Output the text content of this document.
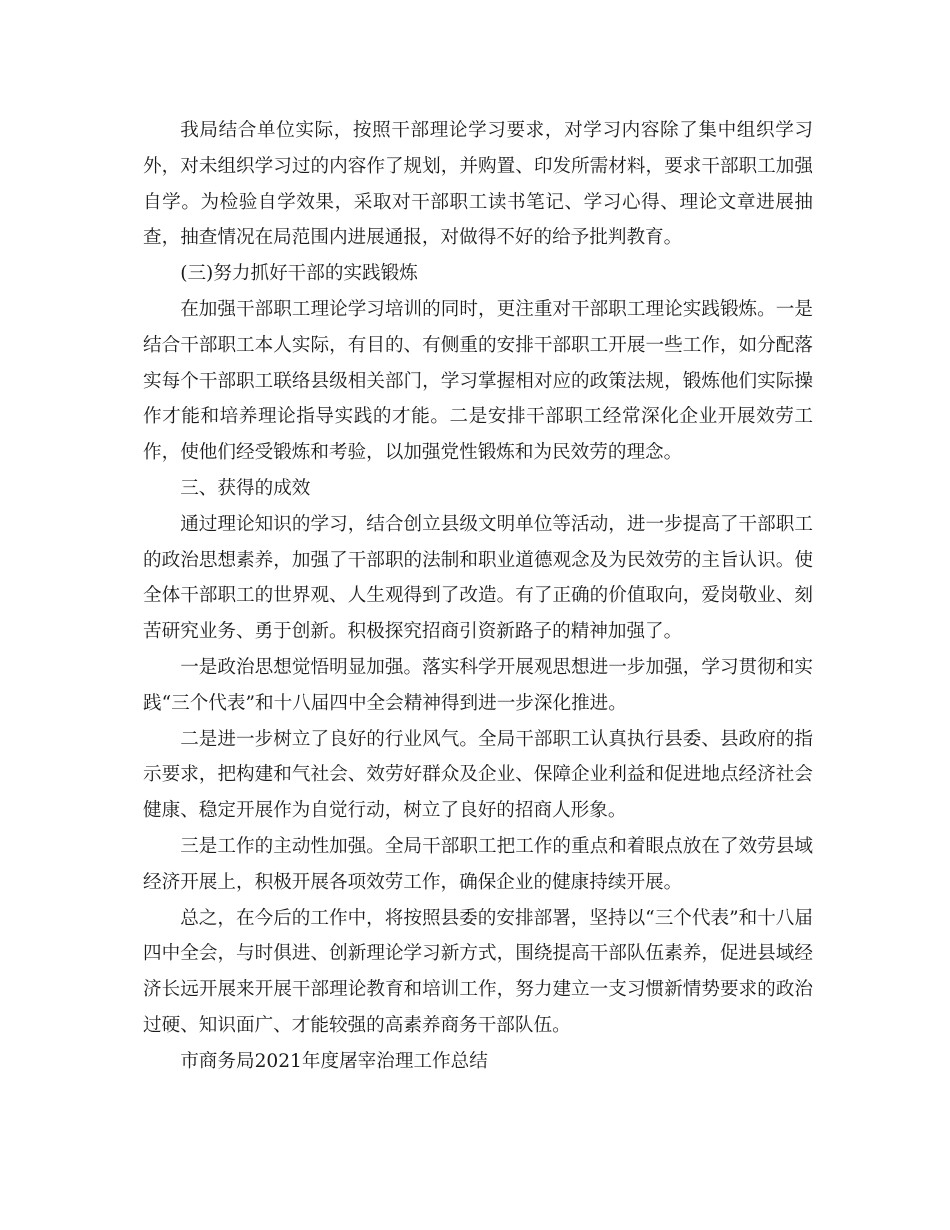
我局结合单位实际，按照干部理论学习要求，对学习内容除了集中组织学习外，对未组织学习过的内容作了规划，并购置、印发所需材料，要求干部职工加强自学。为检验自学效果，采取对干部职工读书笔记、学习心得、理论文章进展抽查，抽查情况在局范围内进展通报，对做得不好的给予批判教育。

(三)努力抓好干部的实践锻炼

在加强干部职工理论学习培训的同时，更注重对干部职工理论实践锻炼。一是结合干部职工本人实际，有目的、有侧重的安排干部职工开展一些工作，如分配落实每个干部职工联络县级相关部门，学习掌握相对应的政策法规，锻炼他们实际操作才能和培养理论指导实践的才能。二是安排干部职工经常深化企业开展效劳工作，使他们经受锻炼和考验，以加强党性锻炼和为民效劳的理念。

三、获得的成效

通过理论知识的学习，结合创立县级文明单位等活动，进一步提高了干部职工的政治思想素养，加强了干部职的法制和职业道德观念及为民效劳的主旨认识。使全体干部职工的世界观、人生观得到了改造。有了正确的价值取向，爱岗敬业、刻苦研究业务、勇于创新。积极探究招商引资新路子的精神加强了。

一是政治思想觉悟明显加强。落实科学开展观思想进一步加强，学习贯彻和实践“三个代表”和十八届四中全会精神得到进一步深化推进。

二是进一步树立了良好的行业风气。全局干部职工认真执行县委、县政府的指示要求，把构建和气社会、效劳好群众及企业、保障企业利益和促进地点经济社会健康、稳定开展作为自觉行动，树立了良好的招商人形象。

三是工作的主动性加强。全局干部职工把工作的重点和着眼点放在了效劳县域经济开展上，积极开展各项效劳工作，确保企业的健康持续开展。

总之，在今后的工作中，将按照县委的安排部署，坚持以“三个代表”和十八届四中全会，与时俱进、创新理论学习新方式，围绕提高干部队伍素养，促进县域经济长远开展来开展干部理论教育和培训工作，努力建立一支习惯新情势要求的政治过硬、知识面广、才能较强的高素养商务干部队伍。

市商务局2021年度屠宰治理工作总结
